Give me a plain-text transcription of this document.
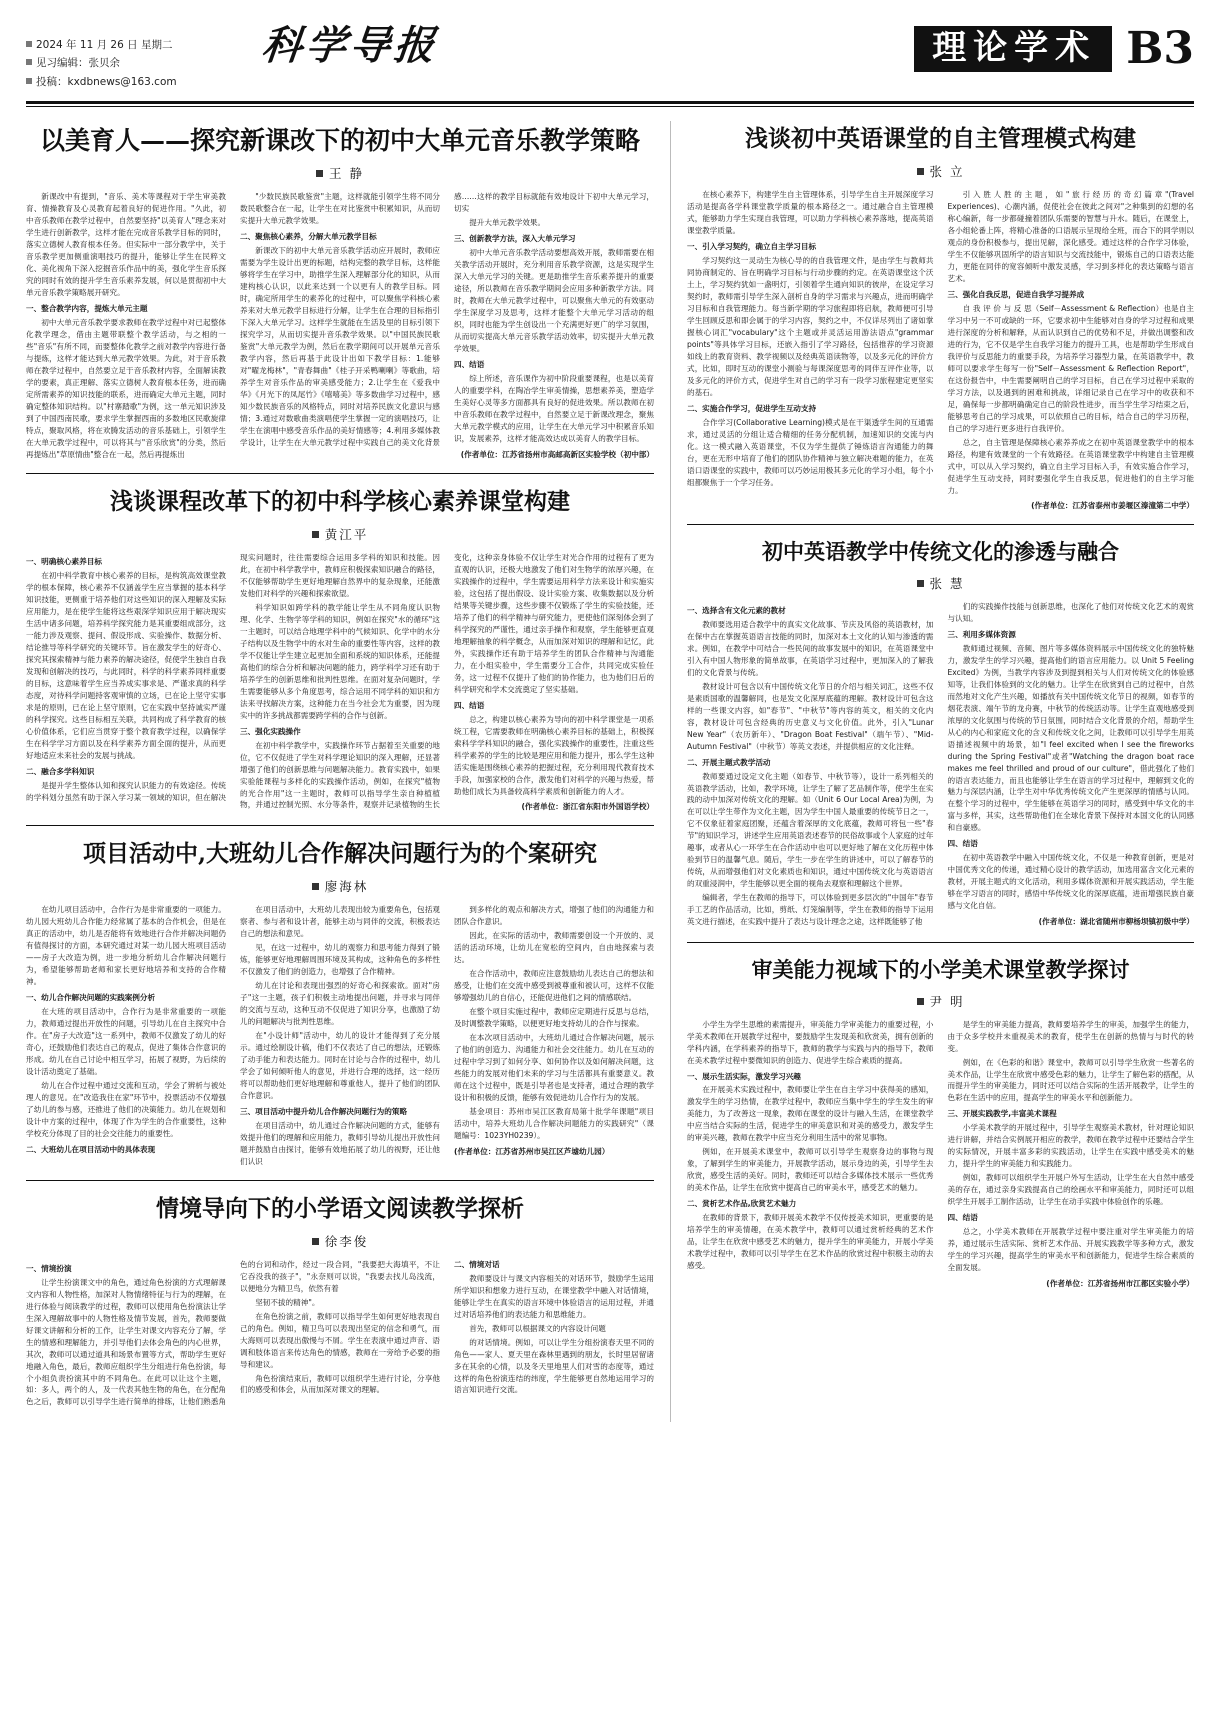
2024 年 11 月 26 日 星期二
见习编辑：张贝余
投稿：kxdbnews@163.com
科学导报	理论学术 B3
以美育人——探究新课改下的初中大单元音乐教学策略
王 静

新课改中有提到，"音乐、美术等课程对于学生审美教育、情操教育及心灵教育起着良好的促进作用。"久此，初中音乐教师在教学过程中，自然要坚持"以美育人"理念来对学生进行创新教学，这样才能在完成音乐教学目标的同时，落实立德树人教育根本任务。但实际中一部分教学中，关于音乐教学更加侧重演唱技巧的提升，能够让学生在民粹文化、美化视角下深入挖掘音乐作品中的美，强化学生音乐探究的同时有效的提升学生音乐素养发展，何以是贯彻初中大单元音乐教学策略展开研究。

一、整合教学内容，提炼大单元主题

初中大单元音乐教学要求教师在教学过程中对已起整体化教学理念，借由主题带联整个教学活动，与之相的一些"音乐"有所不同，而要整体化教学之前对教学内容进行备与提炼，这样才能达到大单元教学效果。为此，对于音乐教师在教学过程中，自然要立足于音乐教材内容，全面解读教学的要素，真正理解、落实立德树人教育根本任务，进而确定所需素养的知识技能的联系，进而确定大单元主题，同时确定整体知识结构。以"村寨踏歌"为例，这一单元知识涉及到了中国西南民歌，要求学生掌握西南的多数地区民歌旋律特点，聚取风格，将在欢腾发活动的音乐基础上，引领学生在大单元教学过程中，可以将其与"音乐欣赏"的分类，然后再提炼出"草原情曲"整合在一起，然后再提炼出

"少数民族民歌鉴赏"主题，这样就能引领学生将不同分数民歌整合在一起，让学生在对比鉴赏中积累知识，从而切实提升大单元教学效果。

二、聚焦核心素养，分解大单元教学目标

新课改下的初中大单元音乐教学活动应开展时，教师应需要为学生设计出更的标题，结构完整的教学目标，这样能够将学生在学习中，助推学生深入理解部分化的知识，从而建构核心认识，以此来达到一个以更有人的教学目标。同时，确定所用学生的素养化的过程中，可以聚焦学科核心素养来对大单元教学目标进行分解，让学生在合理的目标指引下深入大单元学习。这样学生就能在生活及里的目标引领下探究学习，从而切实提升音乐教学效果。以"中国民族民歌鉴赏"大单元教学为例，然后在教学期间可以开展单元音乐教学内容，然后再基于此设计出如下教学目标：1.能够对"曜龙梅林"，"青春舞曲"《桂子开采鸭喇喇》等歌曲，培养学生对音乐作品的审美感受能力；2.让学生在《爱我中华》《月光下的凤尾竹》《嘻嘻美》等多数曲学习过程中，感知少数民族音乐的风格特点，同时对培养民族文化意识与感情；3.通过对数歌曲类演唱使学生掌握一定的演唱技巧，让学生在演唱中感受音乐作品的美好情感等；4.利用多媒体教学设计，让学生在大单元教学过程中实践自己的美文化背景感……这样的教学目标就能有效地设计下初中大单元学习，切实

提升大单元教学效果。

三、创新教学方法，深入大单元学习

初中大单元音乐教学活动要想高效开展，教师需要在相关教学活动开展时，充分利用音乐教学资源，这是实现学生深入大单元学习的关键。更是助推学生音乐素养提升的重要途径，所以教师在音乐教学期间会应用多种新教学方法。同时，教师在大单元教学过程中，可以聚焦大单元的有效驱动学生深度学习及思考，这样才能整个大单元学习活动的组织，同时也能为学生创设出一个充满更好更广的学习氛围，从而切实提高大单元音乐教学活动效率，切实提升大单元教学效果。

四、结语

综上所述，音乐课作为初中阶段重要课程，也是以美育人的重要学科，在陶冶学生审美情操，思想素养美，塑造学生美好心灵等多方面都具有良好的促进效果。所以教师在初中音乐教师在教学过程中，自然要立足于新课改理念，聚焦大单元教学模式的应用，让学生在大单元学习中积累音乐知识，发展素养，这样才能高效达成以美育人的教学目标。

(作者单位：江苏省扬州市高邮高新区实验学校（初中部）

浅谈课程改革下的初中科学核心素养课堂构建
黄江平

一、明确核心素养目标

在初中科学教育中核心素养的目标，是构筑高效课堂教学的根本保障，核心素养不仅涵盖学生应当掌握的基本科学知识技能，更侧重于培养他们对这些知识的深入理解及实际应用能力，是在使学生能将这些艰深学知识应用于解决现实生活中诸多问题，培养科学探究能力是其重要组成部分，这一能力涉及观察、提问、假设形成、实验操作、数据分析、结论推导等科学研究的关键环节。旨在激发学生的好奇心、探究其探索精神与能力素养的解决途径，促使学生独自自我发现和创解决的技巧，与此同时，科学的科学素养同样重要的目标，这意味着学生应当养成实事求是、严谨求真的科学态度，对待科学问题持客观审慎的立场，已在论上坚守实事求是的原则，已在论上坚守原则，它在实践中坚持诚实严谨的科学探究。这些目标相互关联，共同构成了科学教育的核心价值体系，它们应当贯穿于整个教育教学过程，以确保学生在科学学习方面以及在科学素养方面全面的提升，从而更好地适应未来社会的发展与挑战。

二、融合多学科知识

是提升学生整体认知和探究认识能力的有效途径。传统的学科划分虽然有助于深入学习某一领域的知识，但在解决现实问题时，往往需要综合运用多学科的知识和技能。因此，在初中科学教学中，教师应积极探索知识融合的路径，不仅能够帮助学生更好地理解自然界中的复杂现象，还能激发他们对科学的兴趣和探索欲望。

科学知识如跨学科的教学能让学生从不同角度认识物理、化学、生物学等学科的知识，例如在探究"水的循环"这一主题时，可以结合地理学科中的气候知识、化学中的水分子结构以及生物学中的水对生命的重要性等内容，这样的教学不仅能让学生建立起更加全面和系统的知识体系，还能提高他们的综合分析和解决问题的能力，跨学科学习还有助于培养学生的创新思维和批判性思维。在面对复杂问题时，学生需要能够从多个角度思考，综合运用不同学科的知识和方法来寻找解决方案，这种能力在当今社会尤为重要，因为现实中的许多挑战都需要跨学科的合作与创新。

三、强化实践操作

在初中科学教学中，实践操作环节占据着至关重要的地位，它不仅促进了学生对科学理论知识的深入理解，还显著增强了他们的创新思维与问题解决能力。教育实践中，如果实验能课程与多样化的实践操作活动，例如，在探究"植物的光合作用"这一主题时，教师可以指导学生亲自种植植物，并通过控制光照、水分等条件，观察并记录植物的生长变化，这种亲身体验不仅让学生对光合作用的过程有了更为直观的认识，还极大地激发了他们对生物学的浓厚兴趣，在实践操作的过程中，学生需要运用科学方法来设计和实施实验，这包括了提出假设、设计实验方案、收集数据以及分析结果等关键步骤，这些步骤不仅锻炼了学生的实验技能，还培养了他们的科学精神与研究能力，更使他们深刻体会到了科学探究的严谨性，通过亲手操作和观察，学生能够更直观地理解抽象的科学概念，从而加深对知识的理解和记忆，此外，实践操作还有助于培养学生的团队合作精神与沟通能力，在小组实验中，学生需要分工合作，共同完成实验任务，这一过程不仅提升了他们的协作能力，也为他们日后的科学研究和学术交流奠定了坚实基础。

四、结语

总之，构建以核心素养为导向的初中科学课堂是一项系统工程，它需要教师在明确核心素养目标的基础上，积极探索科学学科知识的融合，强化实践操作的重要性，注重这些科学素养的学生的比较是理应用和能力提升，那么学生这种活实施是围绕核心素养的把握过程，充分利用现代教育技术手段，加强家校的合作，激发他们对科学的兴趣与热爱，帮助他们成长为具备较高科学素质和创新能力的人才。

(作者单位：浙江省东阳市外国语学校）

项目活动中,大班幼儿合作解决问题行为的个案研究
廖海林

在幼儿项目活动中，合作行为是非常重要的一项能力。幼儿园大班幼儿合作能力经常属了基本的合作机会，但是在真正的活动中，幼儿是否能将有效地进行合作并解决问题仍有值得探讨的方面，本研究通过对某一幼儿园大班项目活动——房子大改造为例，进一步地分析幼儿合作解决问题行为，希望能够帮助老师和家长更好地培养和支持的合作精神。

一、幼儿合作解决问题的实践案例分析

在大班的项目活动中，合作行为是非常重要的一项能力，教师通过提出开放性的问题，引导幼儿在自主探究中合作。在"房子大改造"这一系列中，教师不仅激发了幼儿的好奇心，还鼓励他们表达自己的观点，促进了集体合作意识的形成。幼儿在自己讨论中相互学习，拓展了视野，为后续的设计活动奠定了基础。

幼儿在合作过程中通过交流和互动，学会了辨析与被处理人的意见。在"改造我住在家"环节中，投票活动不仅增强了幼儿的参与感，还推进了他们的决策能力。幼儿在规划和设计中方案的过程中，体现了作为学生的合作重要性，这种学校充分体现了目的社会交往能力的重要性。

二、大班幼儿在项目活动中的具体表现

在项目活动中，大班幼儿表现出较为重要角色，包括观察者、参与者和设计者，能够主动与同伴的交流，积极表达自己的想法和意见。

见，在这一过程中，幼儿的观察力和思考能力得到了锻炼，能够更好地理解周围环境及其构成，这种角色的多样性不仅激发了他们的创造力，也增强了合作精神。

幼儿在讨论和表现出强烈的好奇心和探索欲。面对"房子"这一主题，孩子们积极主动地提出问题，并寻求与同伴的交流与互动，这种互动不仅促进了知识分享，也激励了幼儿的问题解决与批判性思维。

在"小设计师"活动中，幼儿的设计才能得到了充分展示。通过绘制设计稿，他们不仅表达了自己的想法，还锻炼了动手能力和表达能力。同时在讨论与合作的过程中，幼儿学会了如何倾听他人的意见，并进行合理的选择，这一经历将可以帮助他们更好地理解和尊重他人，提升了他们的团队合作意识。

三、项目活动中提升幼儿合作解决问题行为的策略

在项目活动中，幼儿通过合作解决问题的方式，能够有效提升他们的理解和应用能力，教师引导幼儿提出开放性问题并鼓励自由探讨，能够有效地拓展了幼儿的视野，还让他们认识

到多样化的观点和解决方式，增强了他们的沟通能力和团队合作意识。

因此，在实际的活动中，教师需要创设一个开放的、灵活的活动环境，让幼儿在宽松的空间内，自由地探索与表达。

在合作活动中，教师应注意鼓励幼儿表达自己的想法和感受，让他们在交流中感受到被尊重和被认可，这样不仅能够增强幼儿的自信心，还能促进他们之间的情感联结。

在整个项目实施过程中，教师应定期进行反思与总结，及时调整教学策略，以便更好地支持幼儿的合作与探索。

在本次项目活动中，大班幼儿通过合作解决问题，展示了他们的创造力、沟通能力和社会交往能力。幼儿在互动的过程中学习到了如何分享、如何协作以及如何解决问题，这些能力的发展对他们未来的学习与生活都具有重要意义。教师在这个过程中，既是引导者也是支持者，通过合理的教学设计和积极的反馈，能够有效促进幼儿合作行为的发展。

基金项目：苏州市吴江区教育局第十批学年课题"项目活动中，培养大班幼儿合作解决问题能力的实践研究"（课题编号：1023YH0239）。

(作者单位：江苏省苏州市吴江区芦墟幼儿园）

情境导向下的小学语文阅读教学探析
徐李俊

一、情境扮演

让学生扮演课文中的角色，通过角色扮演的方式理解课文内容和人物性格，加深对人物情绪特征与行为的理解，在进行体验与阅读教学的过程，教师可以使用角色扮演法让学生深入理解故事中的人物性格及情节发展，首先，教师要做好课文讲解和分析的工作，让学生对课文内容充分了解，学生的情感和理解能力，并引导他们去体会角色的内心世界，其次，教师可以通过道具和场景布置等方式，帮助学生更好地融入角色，最后，教师应组织学生分组进行角色扮演，每个小组负责扮演其中的不同角色。在此可以让这个主题，如：多人，两个的人，及一代表其他生物的角色，在分配角色之后，教师可以引导学生进行简单的排练，让他们熟悉角色的台词和动作，经过一段合同，"我要把大海填平，不让它吞没我的孩子"，"永奈则可以说，"我要去找儿岛浅流，以便地分为精卫鸟，依然有着

坚韧不拔的精神"。

在角色扮演之前，教师可以指导学生如何更好地表现自己的角色。例如，精卫鸟可以表现出坚定的信念和勇气，而大海则可以表现出傲慢与不屑。学生在表演中通过声音、语调和肢体语言来传达角色的情感，教师在一旁给予必要的指导和建议。

角色扮演结束后，教师可以组织学生进行讨论，分享他们的感受和体会，从而加深对课文的理解。

二、情境对话

教师要设计与课文内容相关的对话环节，鼓励学生运用所学知识和想象力进行互动，在课堂教学中融入对话情境，能够让学生在真实的语言环境中体验语言的运用过程，并通过对话培养他们的表达能力和思维能力。

首先，教师可以根据课文的内容设计问题

的对话情境。例如，可以让学生分组扮演春天里不同的角色——家人、夏天里在森林里遇到的朋友，长时里居留诸多在其余的心情，以及冬天里地里人们对雪的态度等，通过这样的角色扮演连结的纬度，学生能够更自然地运用学习的语言知识进行交流。

浅谈初中英语课堂的自主管理模式构建
张 立

在核心素养下，构建学生自主管理体系，引导学生自主开展深度学习活动是提高各学科课堂教学质量的根本路径之一。通过融合自主管理模式，能够助力学生实现自我管理，可以助力学科核心素养落地，提高英语课堂教学质量。

一、引入学习契约，确立自主学习目标

学习契约这一灵动生为核心导的的自我管理文件，是由学生与教师共同协商制定的、旨在明确学习目标与行动步骤的约定。在英语课堂这个沃土上，学习契约犹如一盏明灯，引领着学生通向知识的彼岸，在设定学习契约时，教师需引导学生深入剖析自身的学习需求与兴趣点，进而明确学习目标和自我管理能力。每当新学期的学习旅程即将启航，教师便可引导学生回顾反思和即会属于的学习内容，契约之中，不仅详尽列出了诸如掌握核心词汇"vocabulary"这个主题或并灵活运用游法语点"grammar points"等具体学习目标，还嵌入指引了学习路径，包括推荐的学习资源如线上的教育资料、教学视频以及经典英语读物等，以及多元化的评价方式，比如，即时互动的课堂小测验与每课深度思考的同伴互评作业等，以及多元化的评价方式，促进学生对自己的学习有一段学习旅程建定更坚实的基石。

二、实施合作学习，促进学生互动支持

合作学习(Collaborative Learning)模式是在干渠透学生间的互通需求，通过灵活的分组让适合精细的任务分配机制，加速知识的交流与内化。这一模式融入英语课堂，不仅为学生提供了锤炼语言沟通能力的舞台，更在无形中培育了他们的团队协作精神与独立解决难题的能力，在英语口语课堂的实践中，教师可以巧妙运用极其多元化的学习小组，每个小组都聚焦于一个学习任务。

引入胜人胜的主题，如"旅行经历的奇幻篇章"(Travel Experiences)、心潮内涵，促使社会在彼此之间对"之种集到的幻想的名称心编新，每一步都碰撞着团队乐需要的智慧与升水。随后，在课堂上，各小组轮番上阵，将精心准备的口语展示呈现给全班，而合下的同学则以观点的身份积极参与，提出见解，深化感受。通过这样的合作学习体验，学生不仅能够巩固所学的语言知识与交流技能中，锻炼自己的口语表达能力，更能在同伴的宽容倾听中激发灵感，学习到多样化的表达策略与语言艺术。

三、强化自我反思，促进自我学习提养成

自 我 评 价 与 反 思（Self－Assessment & Reflection）也是自主学习中另一不可或缺的一环，它要求初中生能够对自身的学习过程和成果进行深度的分析和解释，从而认识到自己的优势和不足，并做出调整和改进的行为，它不仅是学生自我学习能力的提升工具，也是帮助学生形成自我评价与反思能力的重要手段，为培养学习器型力量，在英语教学中，教师可以要求学生每写一份"Self－Assessment & Reflection Report"，在这份报告中，中生需要阐明自己的学习目标，自己在学习过程中采取的学习方法，以及遇到的困难和挑战，详细记录自己在学习中的收获和不足，确保每一步都明确确定自己的阶段性进步，而当学生学习结束之后，能够思考自己的学习成果，可以依照自己的目标，结合自己的学习历程，自己的学习进行更多进行自我评价。

总之，自主管理是保障核心素养养成之在初中英语课堂教学中的根本路径，构建有效课堂的一个有效路径。在英语课堂教学中构建自主管理模式中，可以从入学习契约，确立自主学习目标入手，有效实施合作学习，促进学生互动支持，同时要强化学生自我反思，促进他们的自主学习能力。

(作者单位：江苏省泰州市姜堰区溱潼第二中学）

初中英语教学中传统文化的渗透与融合
张 慧

一、选择含有文化元素的教材

教师要选用适合教学中的真实文化故事、节庆及风俗的英语教材，加在保中古在掌握英语语言技能的同时，加深对本土文化的认知与渗透的需求。例如，在教学中可结合一些民间的故事发展中的知识，在英语课堂中引入有中国人物形象的简单故事，在英语学习过程中，更加深入的了解我们的文化背景与传统。

教材设计可包含以有中国传统文化节日的介绍与相关词汇，这些不仅是素质国歌的温馨解同，也是发文化深厚底蕴的理解。教材设计可包含这样的一些课文内容，如"春节"、"中秋节"等内容的英文，相关的文化内容，教材设计可包含经典的历史意义与文化价值。此外，引入"Lunar New Year"（农历新年）、"Dragon Boat Festival"（端午节）、"Mid-Autumn Festival"（中秋节）等英文表述，并提供相应的文化注释。

二、开展主题式教学活动

教师要通过设定文化主题（如春节、中秋节等），设计一系列相关的英语教学活动，比如，教学环境，让学生了解了艺品制作等，使学生在实践的动中加深对传统文化的理解。如（Unit 6 Our Local Area)为例，为在可以让学生带作为文化主题，因为学生中国人最重要的传统节日之一，它不仅象征着家庭团聚，还蕴含着深厚的文化底蕴，教师可将包一些"春节"的知识学习，讲述学生应用英语表述春节的民俗故事或个人家庭的过年趣事，或者从心一环学生在合作活动中也可以更好地了解在文化历程中体验到节日的温馨气息。随后，学生一步在学生的讲述中，可以了解春节的传统，从而增强他们对文化素质也和知识，通过中国传统文化与英语语言的双重浸润中，学生能够以更全面的视角去观察和理解这个世界。

编辑者，学生在教师的指导下，可以体验到更多层次的"中国年"春节手工艺的作品活动，比如，剪纸、灯笼编制等，学生在教师的指导下运用英文进行描述，在实践中提升了表达与设计理念之途，这样既能够了他

们的实践操作技能与创新思维，也深化了他们对传统文化艺术的观赏与认知。

三、利用多媒体资源

教师通过视频、音频、图片等多媒体资料展示中国传统文化的独特魅力，激发学生的学习兴趣，提高他们的语言应用能力。以 Unit 5 Feeling Excited》为例，当教学内容涉及到提到相关与人们对传统文化的体验感知等，让我们体验到的文化的魅力。让学生在欣赏到自己的过程中，自然而然地对文化产生兴趣，如播放有关中国传统文化节日的视频，如春节的烟花表演、端午节的龙舟赛，中秋节的传统活动等。让学生直观地感受到浓厚的文化氛围与传统的节日氛围，同时结合文化背景的介绍，帮助学生从心的内心和家庭文化的含义和传统文化之间，让教师可以引导学生用英语描述视频中的场景，如"I feel excited when I see the fireworks during the Spring Festival"或者"Watching the dragon boat race makes me feel thrilled and proud of our culture"，借此强化了他们的语言表达能力，而且也能够让学生在语言的学习过程中，理解到文化的魅力与深层内涵，让学生对中华优秀传统文化产生更深厚的情感与认同。在整个学习的过程中，学生能够在英语学习的同时，感受到中华文化的丰富与多样，其实，这些帮助他们在全球化背景下保持对本国文化的认同感和自豪感。

四、结语

在初中英语教学中融入中国传统文化，不仅是一种教育创新，更是对中国优秀文化的传递，通过精心设计的教学活动，加选用富含文化元素的教材，开展主题式的文化活动，利用多媒体资源和开展实践活动，学生能够在学习语言的同时，感悟中华传统文化的深厚底蕴，进而增强民族自豪感与文化自信。

(作者单位：湖北省随州市柳杨坝镇初级中学）

审美能力视域下的小学美术课堂教学探讨
尹 明

小学生为学生思维的素需提升，审美能力学审美能力的重要过程，小学美术教师在开展教学过程中，要鼓励学生发现美和欣赏美，拥有创新的学科内涵，在学科素养的指导下，教师的教学与实践与内的指导下，教师在美术教学过程中要微知识的创造力、促进学生综合素质的提高。

一、展示生活实际，激发学习兴趣

在开展美术实践过程中，教师要让学生在自主学习中获得美的感知，激发学生的学习热情，在教学过程中，教师应当集中学生的学生发生的审美能力，为了改善这一现象，教师在课堂的设计与融入生活，在课堂教学中应当结合实际的生活，促进学生的审美意识和对美的感受力，激发学生的审美兴趣，教师在教学中应当充分利用生活中的常见事物。

例如，在开展美术课堂中，教师可以引导学生观察身边的事物与现象，了解到学生的审美能力，开展教学活动，展示身边的美，引导学生去欣赏，感受生活的美好。同时，教师还可以结合多媒体技术展示一些优秀的美术作品，让学生在欣赏中提高自己的审美水平，感受艺术的魅力。

二、赏析艺术作品,欣赏艺术魅力

在教师的背景下，教师开展美术教学不仅传授美术知识，更重要的是培养学生的审美情趣，在美术教学中，教师可以通过赏析经典的艺术作品，让学生在欣赏中感受艺术的魅力，提升学生的审美能力，开展小学美术教学过程中，教师可以引导学生在艺术作品的欣赏过程中积极主动的去感受。

是学生的审美能力提高，教师要培养学生的审美，加强学生的能力，由于众多学校并未重视美术的教育，使学生在创新的热情与与时代的转变。

例如，在《色彩的和谐》课堂中，教师可以引导学生欣赏一些著名的美术作品，让学生在欣赏中感受色彩的魅力，让学生了解色彩的搭配，从而提升学生的审美能力，同时还可以结合实际的生活开展教学，让学生的色彩在生活中的应用，提高学生的审美水平和创新能力。

三、开展实践教学,丰富美术课程

小学美术教学的开展过程中，引导学生观察美术教材，针对理论知识进行讲解，并结合实例展开相应的教学，教师在教学过程中还要结合学生的实际情况，开展丰富多彩的实践活动，让学生在实践中感受美术的魅力，提升学生的审美能力和实践能力。

例如，教师可以组织学生开展户外写生活动，让学生在大自然中感受美的存在，通过亲身实践提高自己的绘画水平和审美能力，同时还可以组织学生开展手工制作活动，让学生在动手实践中体验创作的乐趣。

四、结语

总之，小学美术教师在开展教学过程中要注重对学生审美能力的培养，通过展示生活实际、赏析艺术作品、开展实践教学等多种方式，激发学生的学习兴趣，提高学生的审美水平和创新能力，促进学生综合素质的全面发展。

(作者单位：江苏省扬州市江都区实验小学）
